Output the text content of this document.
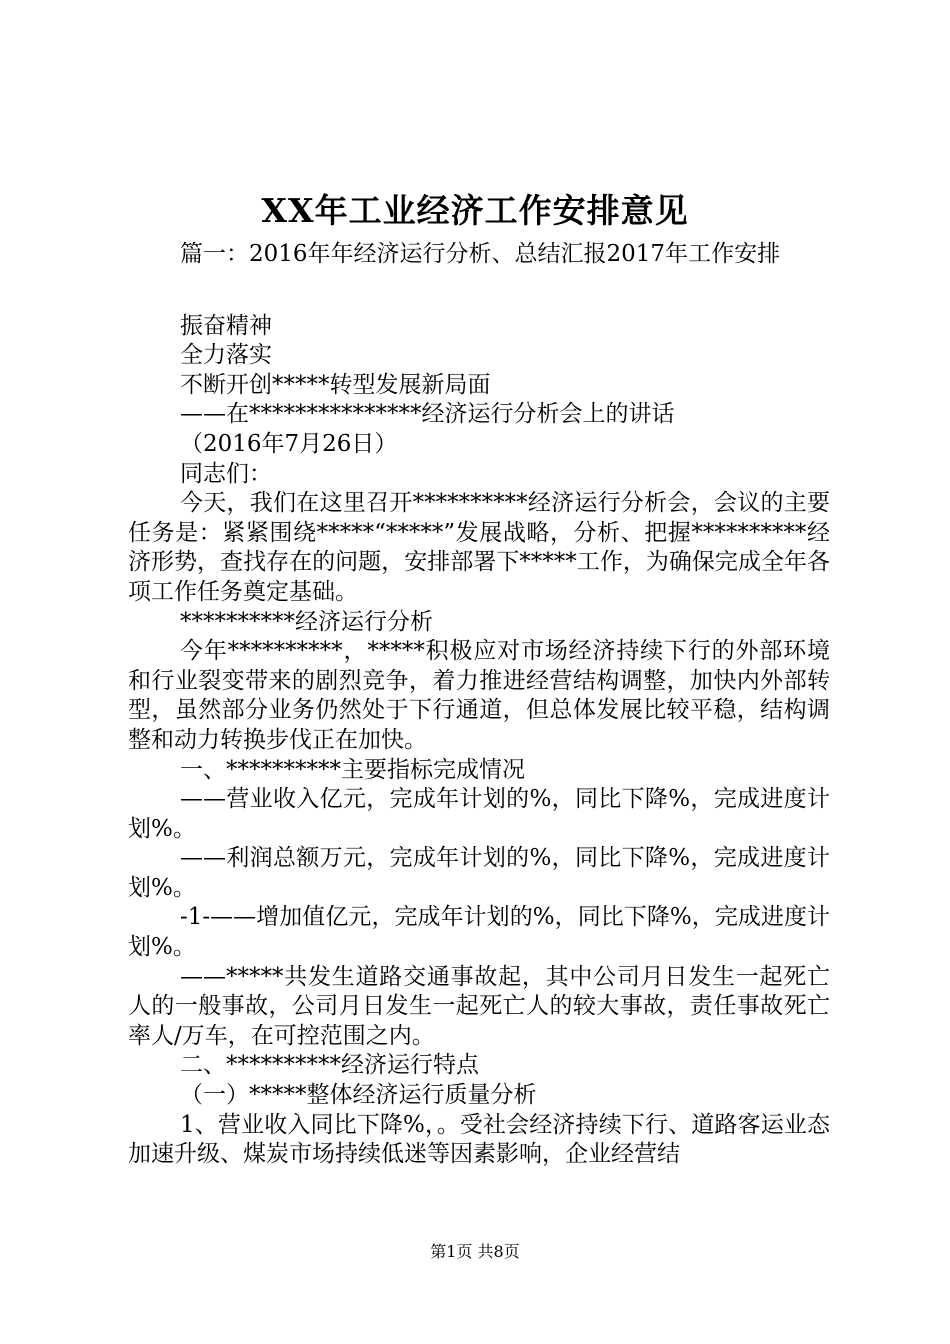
XX年工业经济工作安排意见

篇一：2016年年经济运行分析、总结汇报2017年工作安排

振奋精神

全力落实

不断开创*****转型发展新局面

——在***************经济运行分析会上的讲话

（2016年7月26日）

同志们：

今天，我们在这里召开**********经济运行分析会，会议的主要任务是：紧紧围绕*****“*****”发展战略，分析、把握**********经济形势，查找存在的问题，安排部署下*****工作，为确保完成全年各项工作任务奠定基础。

**********经济运行分析

今年**********，*****积极应对市场经济持续下行的外部环境和行业裂变带来的剧烈竞争，着力推进经营结构调整，加快内外部转型，虽然部分业务仍然处于下行通道，但总体发展比较平稳，结构调整和动力转换步伐正在加快。

一、**********主要指标完成情况

——营业收入亿元，完成年计划的%，同比下降%，完成进度计划%。

——利润总额万元，完成年计划的%，同比下降%，完成进度计划%。

-1-——增加值亿元，完成年计划的%，同比下降%，完成进度计划%。

——*****共发生道路交通事故起，其中公司月日发生一起死亡人的一般事故，公司月日发生一起死亡人的较大事故，责任事故死亡率人/万车，在可控范围之内。

二、**********经济运行特点

（一）*****整体经济运行质量分析

1、营业收入同比下降%，。受社会经济持续下行、道路客运业态加速升级、煤炭市场持续低迷等因素影响，企业经营结

第1页 共8页
